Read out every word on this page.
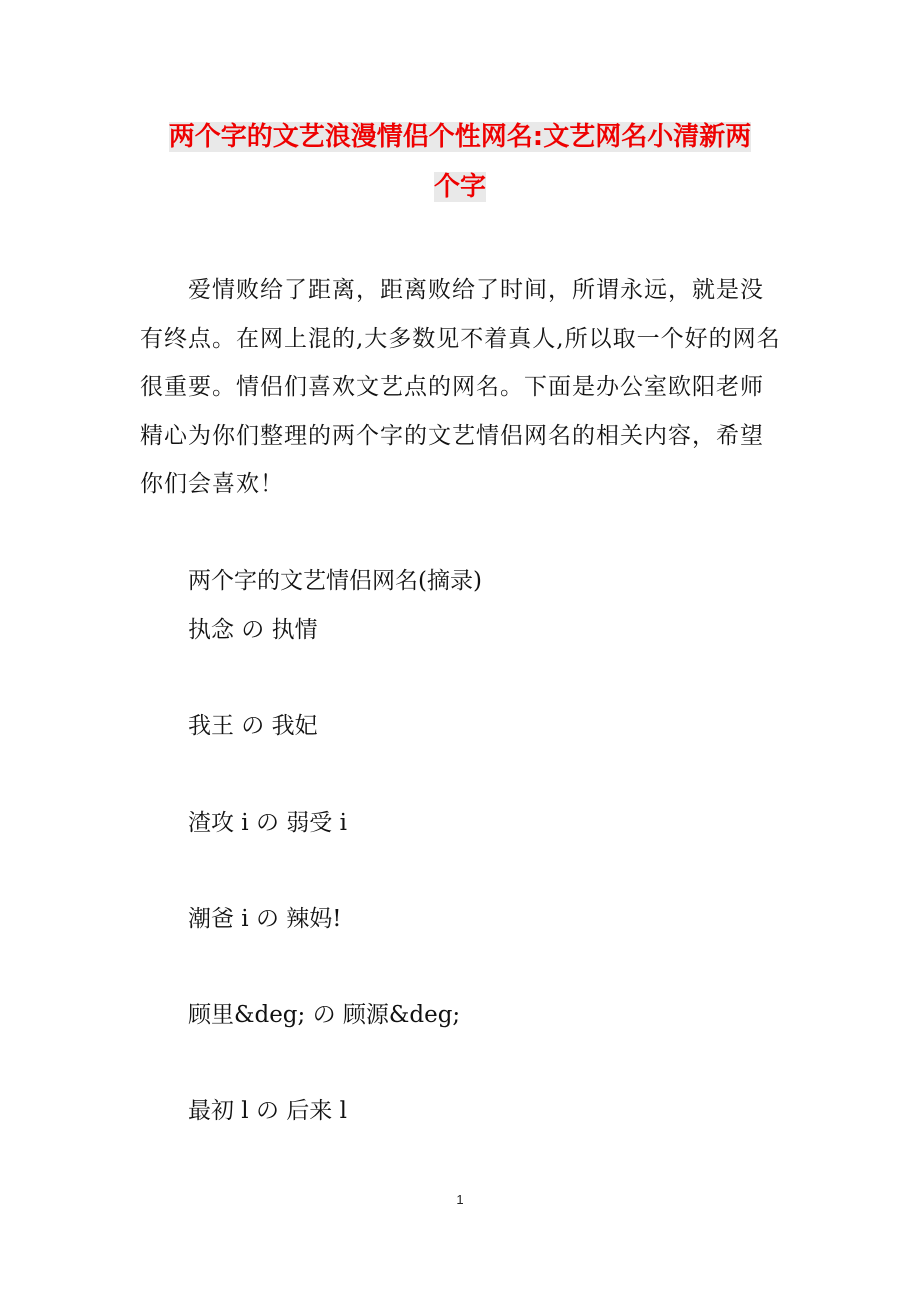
两个字的文艺浪漫情侣个性网名:文艺网名小清新两
个字

爱情败给了距离，距离败给了时间，所谓永远，就是没有终点。在网上混的,大多数见不着真人,所以取一个好的网名很重要。情侣们喜欢文艺点的网名。下面是办公室欧阳老师精心为你们整理的两个字的文艺情侣网名的相关内容，希望你们会喜欢！

两个字的文艺情侣网名(摘录)

执念 の 执情

我王 の 我妃

渣攻 i の 弱受 i

潮爸 i の 辣妈!

顾里&deg; の 顾源&deg;

最初 l の 后来 l

1
